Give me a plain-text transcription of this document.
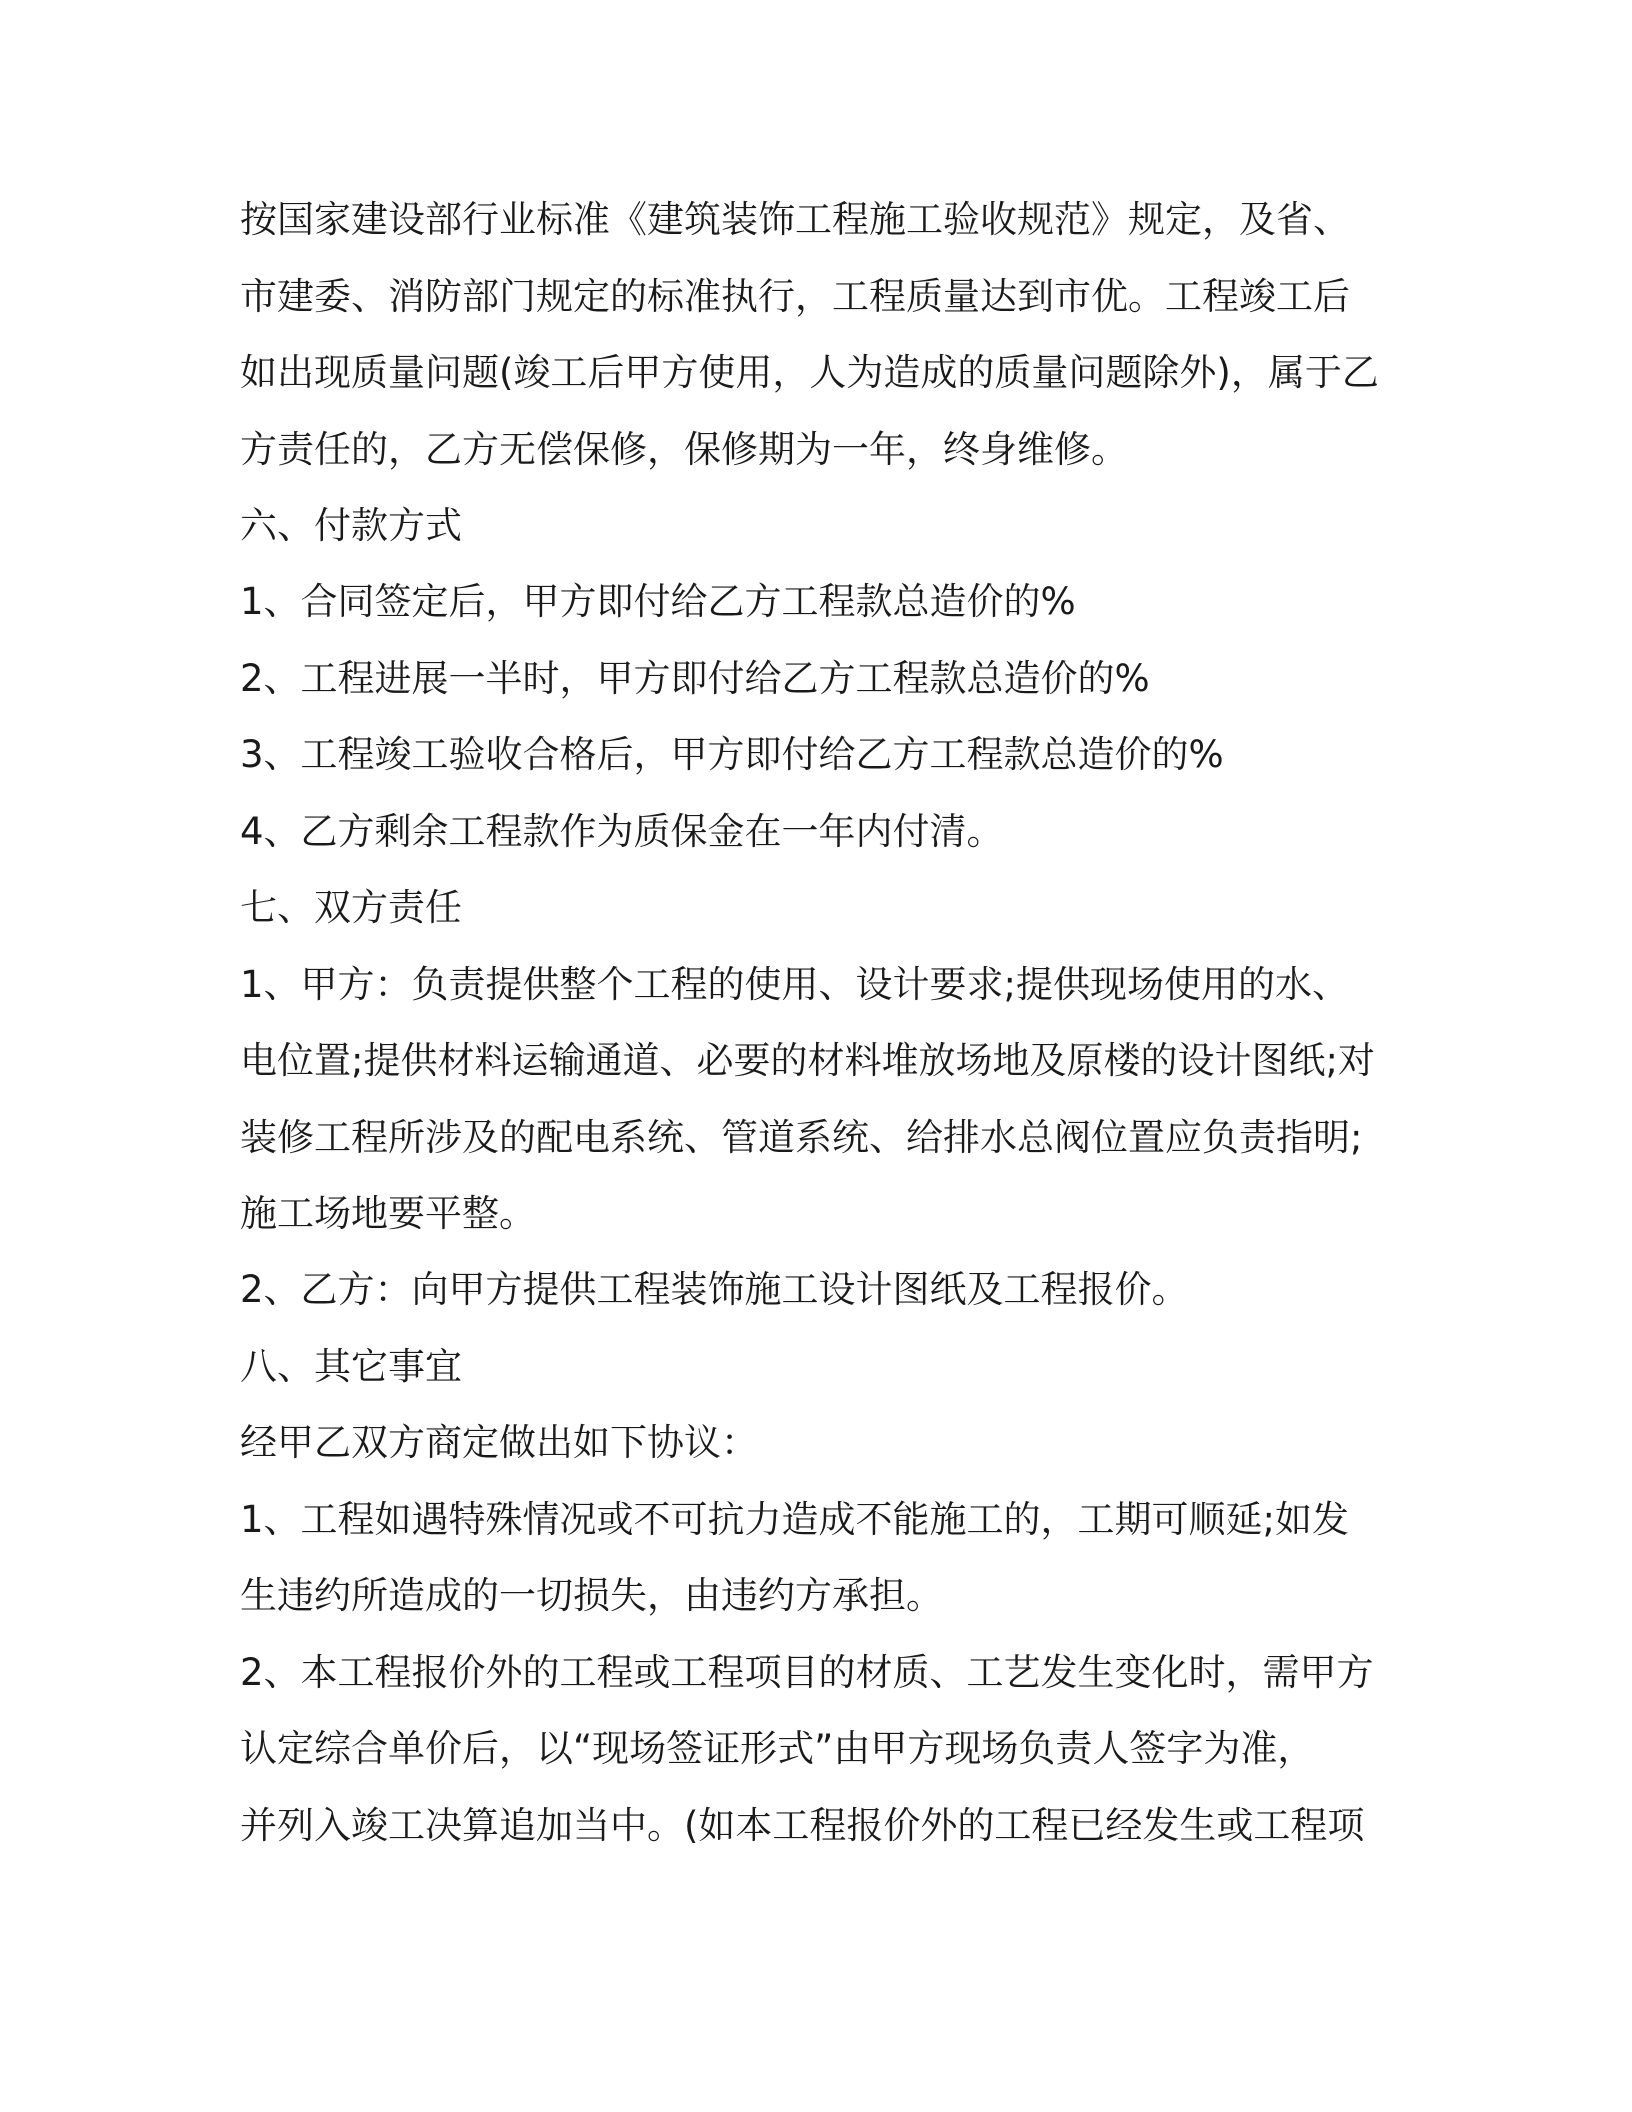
按国家建设部行业标准《建筑装饰工程施工验收规范》规定，及省、

市建委、消防部门规定的标准执行，工程质量达到市优。工程竣工后

如出现质量问题(竣工后甲方使用，人为造成的质量问题除外)，属于乙

方责任的，乙方无偿保修，保修期为一年，终身维修。

六、付款方式

1、合同签定后，甲方即付给乙方工程款总造价的%

2、工程进展一半时，甲方即付给乙方工程款总造价的%

3、工程竣工验收合格后，甲方即付给乙方工程款总造价的%

4、乙方剩余工程款作为质保金在一年内付清。

七、双方责任

1、甲方：负责提供整个工程的使用、设计要求;提供现场使用的水、

电位置;提供材料运输通道、必要的材料堆放场地及原楼的设计图纸;对

装修工程所涉及的配电系统、管道系统、给排水总阀位置应负责指明;

施工场地要平整。

2、乙方：向甲方提供工程装饰施工设计图纸及工程报价。

八、其它事宜

经甲乙双方商定做出如下协议：

1、工程如遇特殊情况或不可抗力造成不能施工的，工期可顺延;如发

生违约所造成的一切损失，由违约方承担。

2、本工程报价外的工程或工程项目的材质、工艺发生变化时，需甲方

认定综合单价后，以“现场签证形式”由甲方现场负责人签字为准，

并列入竣工决算追加当中。(如本工程报价外的工程已经发生或工程项
